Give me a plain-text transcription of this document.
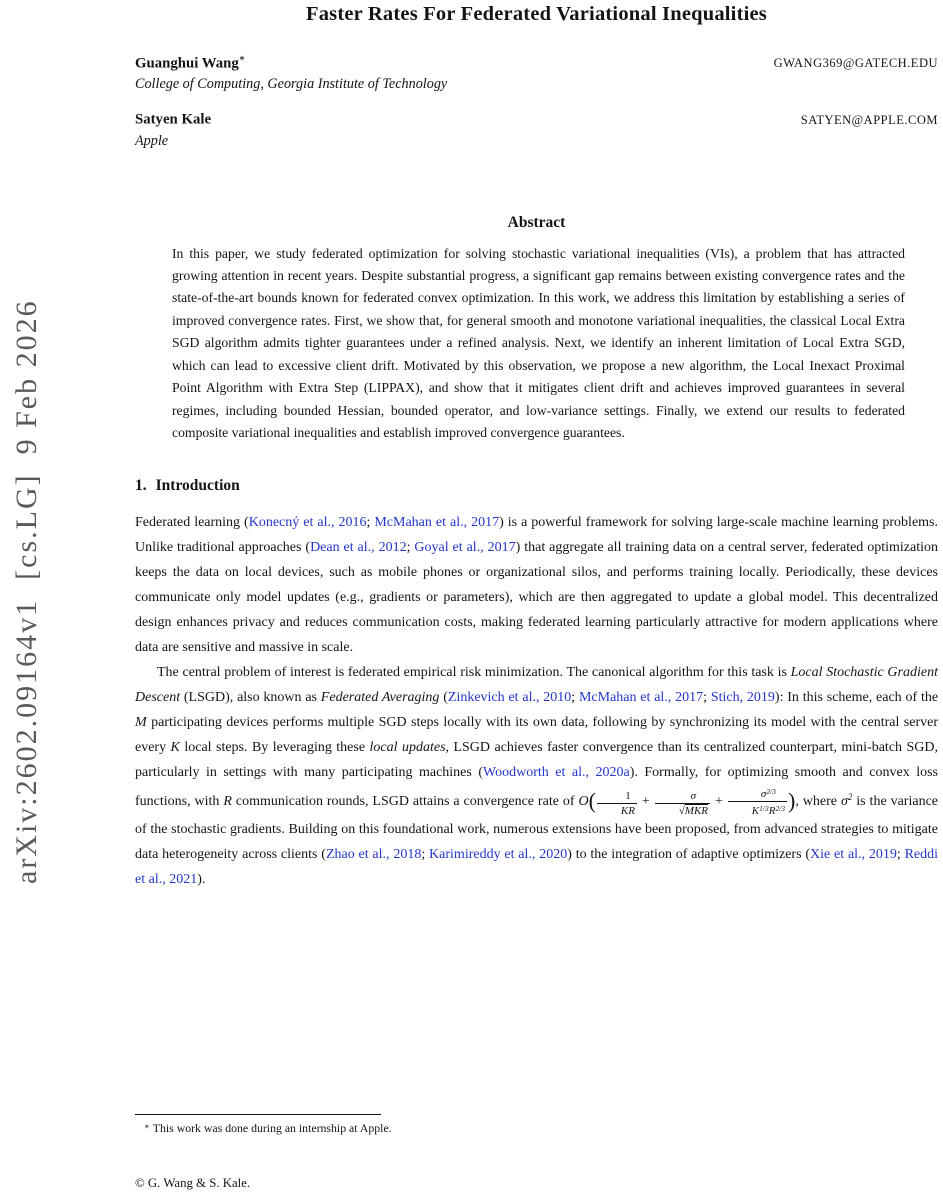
arXiv:2602.09164v1  [cs.LG]  9 Feb 2026
Faster Rates For Federated Variational Inequalities
Guanghui Wang∗	GWANG369@GATECH.EDU
College of Computing, Georgia Institute of Technology
Satyen Kale	SATYEN@APPLE.COM
Apple
Abstract

In this paper, we study federated optimization for solving stochastic variational inequalities (VIs), a problem that has attracted growing attention in recent years. Despite substantial progress, a significant gap remains between existing convergence rates and the state-of-the-art bounds known for federated convex optimization. In this work, we address this limitation by establishing a series of improved convergence rates. First, we show that, for general smooth and monotone variational inequalities, the classical Local Extra SGD algorithm admits tighter guarantees under a refined analysis. Next, we identify an inherent limitation of Local Extra SGD, which can lead to excessive client drift. Motivated by this observation, we propose a new algorithm, the Local Inexact Proximal Point Algorithm with Extra Step (LIPPAX), and show that it mitigates client drift and achieves improved guarantees in several regimes, including bounded Hessian, bounded operator, and low-variance settings. Finally, we extend our results to federated composite variational inequalities and establish improved convergence guarantees.

1. Introduction

Federated learning (Konecný et al., 2016; McMahan et al., 2017) is a powerful framework for solving large-scale machine learning problems. Unlike traditional approaches (Dean et al., 2012; Goyal et al., 2017) that aggregate all training data on a central server, federated optimization keeps the data on local devices, such as mobile phones or organizational silos, and performs training locally. Periodically, these devices communicate only model updates (e.g., gradients or parameters), which are then aggregated to update a global model. This decentralized design enhances privacy and reduces communication costs, making federated learning particularly attractive for modern applications where data are sensitive and massive in scale.

The central problem of interest is federated empirical risk minimization. The canonical algorithm for this task is Local Stochastic Gradient Descent (LSGD), also known as Federated Averaging (Zinkevich et al., 2010; McMahan et al., 2017; Stich, 2019): In this scheme, each of the M participating devices performs multiple SGD steps locally with its own data, following by synchronizing its model with the central server every K local steps. By leveraging these local updates, LSGD achieves faster convergence than its centralized counterpart, mini-batch SGD, particularly in settings with many participating machines (Woodworth et al., 2020a). Formally, for optimizing smooth and convex loss functions, with R communication rounds, LSGD attains a convergence rate of $O( \frac{1}{KR} + \frac{\sigma}{\text{√MKR}} + \frac{\sigma^{2/3}}{K^{1/3}R^{2/3}}$ ), where $\sigma^2$ is the variance of the stochastic gradients. Building on this foundational work, numerous extensions have been proposed, from advanced strategies to mitigate data heterogeneity across clients (Zhao et al., 2018; Karimireddy et al., 2020) to the integration of adaptive optimizers (Xie et al., 2019; Reddi et al., 2021).

∗ This work was done during an internship at Apple.

© G. Wang & S. Kale.
